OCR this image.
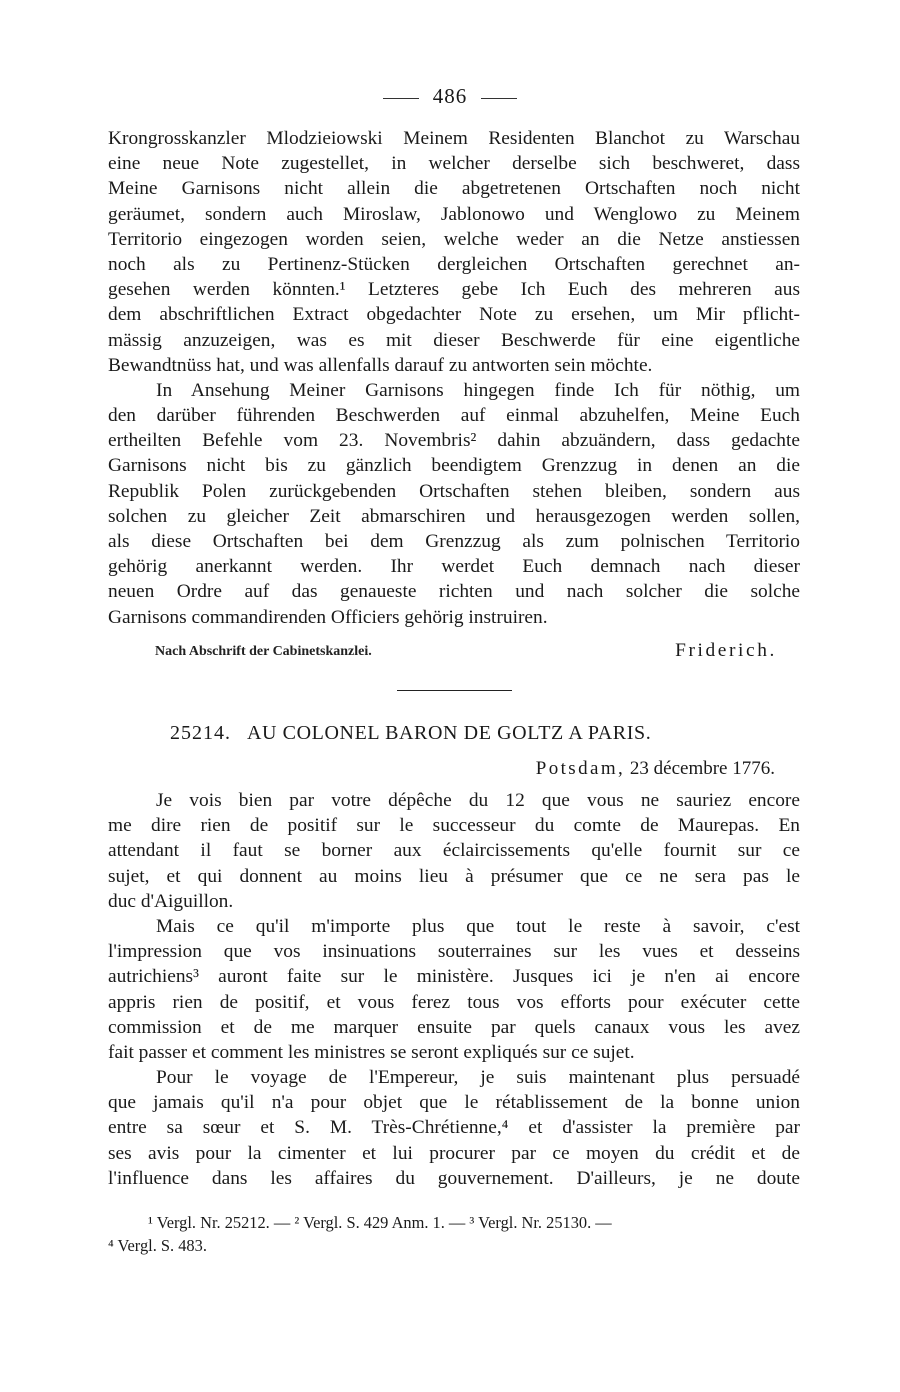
486
Krongrosskanzler Mlodzieiowski Meinem Residenten Blanchot zu Warschau
eine neue Note zugestellet, in welcher derselbe sich beschweret, dass
Meine Garnisons nicht allein die abgetretenen Ortschaften noch nicht
geräumet, sondern auch Miroslaw, Jablonowo und Wenglowo zu Meinem
Territorio eingezogen worden seien, welche weder an die Netze anstiessen
noch als zu Pertinenz-Stücken dergleichen Ortschaften gerechnet an-
gesehen werden könnten.¹ Letzteres gebe Ich Euch des mehreren aus
dem abschriftlichen Extract obgedachter Note zu ersehen, um Mir pflicht-
mässig anzuzeigen, was es mit dieser Beschwerde für eine eigentliche
Bewandtnüss hat, und was allenfalls darauf zu antworten sein möchte.
In Ansehung Meiner Garnisons hingegen finde Ich für nöthig, um
den darüber führenden Beschwerden auf einmal abzuhelfen, Meine Euch
ertheilten Befehle vom 23. Novembris² dahin abzuändern, dass gedachte
Garnisons nicht bis zu gänzlich beendigtem Grenzzug in denen an die
Republik Polen zurückgebenden Ortschaften stehen bleiben, sondern aus
solchen zu gleicher Zeit abmarschiren und herausgezogen werden sollen,
als diese Ortschaften bei dem Grenzzug als zum polnischen Territorio
gehörig anerkannt werden. Ihr werdet Euch demnach nach dieser
neuen Ordre auf das genaueste richten und nach solcher die solche
Garnisons commandirenden Officiers gehörig instruiren.
Nach Abschrift der Cabinetskanzlei.	Friderich.
25214. AU COLONEL BARON DE GOLTZ A PARIS.
Potsdam, 23 décembre 1776.
Je vois bien par votre dépêche du 12 que vous ne sauriez encore
me dire rien de positif sur le successeur du comte de Maurepas. En
attendant il faut se borner aux éclaircissements qu'elle fournit sur ce
sujet, et qui donnent au moins lieu à présumer que ce ne sera pas le
duc d'Aiguillon.
Mais ce qu'il m'importe plus que tout le reste à savoir, c'est
l'impression que vos insinuations souterraines sur les vues et desseins
autrichiens³ auront faite sur le ministère. Jusques ici je n'en ai encore
appris rien de positif, et vous ferez tous vos efforts pour exécuter cette
commission et de me marquer ensuite par quels canaux vous les avez
fait passer et comment les ministres se seront expliqués sur ce sujet.
Pour le voyage de l'Empereur, je suis maintenant plus persuadé
que jamais qu'il n'a pour objet que le rétablissement de la bonne union
entre sa sœur et S. M. Très-Chrétienne,⁴ et d'assister la première par
ses avis pour la cimenter et lui procurer par ce moyen du crédit et de
l'influence dans les affaires du gouvernement. D'ailleurs, je ne doute
¹ Vergl. Nr. 25212. — ² Vergl. S. 429 Anm. 1. — ³ Vergl. Nr. 25130. —
⁴ Vergl. S. 483.
